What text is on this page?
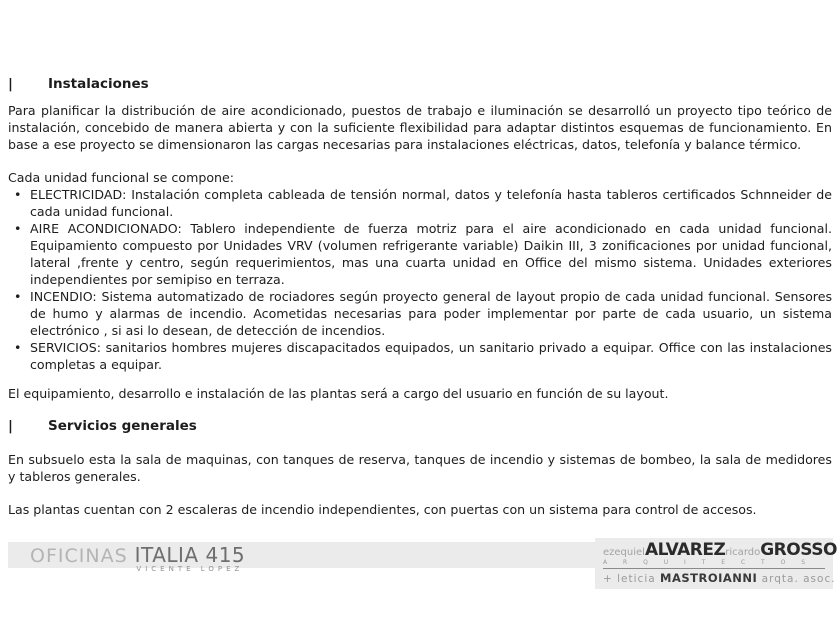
|	Instalaciones

Para planificar la distribución de aire acondicionado, puestos de trabajo e iluminación se desarrolló un proyecto tipo teórico de instalación, concebido de manera abierta y con la suficiente flexibilidad para adaptar distintos esquemas de funcionamiento. En base a ese proyecto se dimensionaron las cargas necesarias para instalaciones eléctricas, datos, telefonía y balance térmico.

Cada unidad funcional se compone:

• ELECTRICIDAD: Instalación completa cableada de tensión normal, datos y telefonía hasta tableros certificados Schnneider de cada unidad funcional.
• AIRE ACONDICIONADO: Tablero independiente de fuerza motriz para el aire acondicionado en cada unidad funcional. Equipamiento compuesto por Unidades VRV (volumen refrigerante variable) Daikin III, 3 zonificaciones por unidad funcional, lateral ,frente y centro, según requerimientos, mas una cuarta unidad en Office del mismo sistema. Unidades exteriores independientes por semipiso en terraza.
• INCENDIO: Sistema automatizado de rociadores según proyecto general de layout propio de cada unidad funcional. Sensores de humo y alarmas de incendio. Acometidas necesarias para poder implementar por parte de cada usuario, un sistema electrónico , si asi lo desean, de detección de incendios.
• SERVICIOS: sanitarios hombres mujeres discapacitados equipados, un sanitario privado a equipar. Office con las instalaciones completas a equipar.

El equipamiento, desarrollo e instalación de las plantas será a cargo del usuario en función de su layout.

|	Servicios generales

En subsuelo esta la sala de maquinas, con tanques de reserva, tanques de incendio y sistemas de bombeo, la sala de medidores y tableros generales.

Las plantas cuentan con 2 escaleras de incendio independientes, con puertas con un sistema para control de accesos.

OFICINAS ITALIA 415
VICENTE LOPEZ
ezequielALVAREZricardoGROSSO
A R Q U I T E C T O S
+ leticia MASTROIANNI arqta. asoc.
